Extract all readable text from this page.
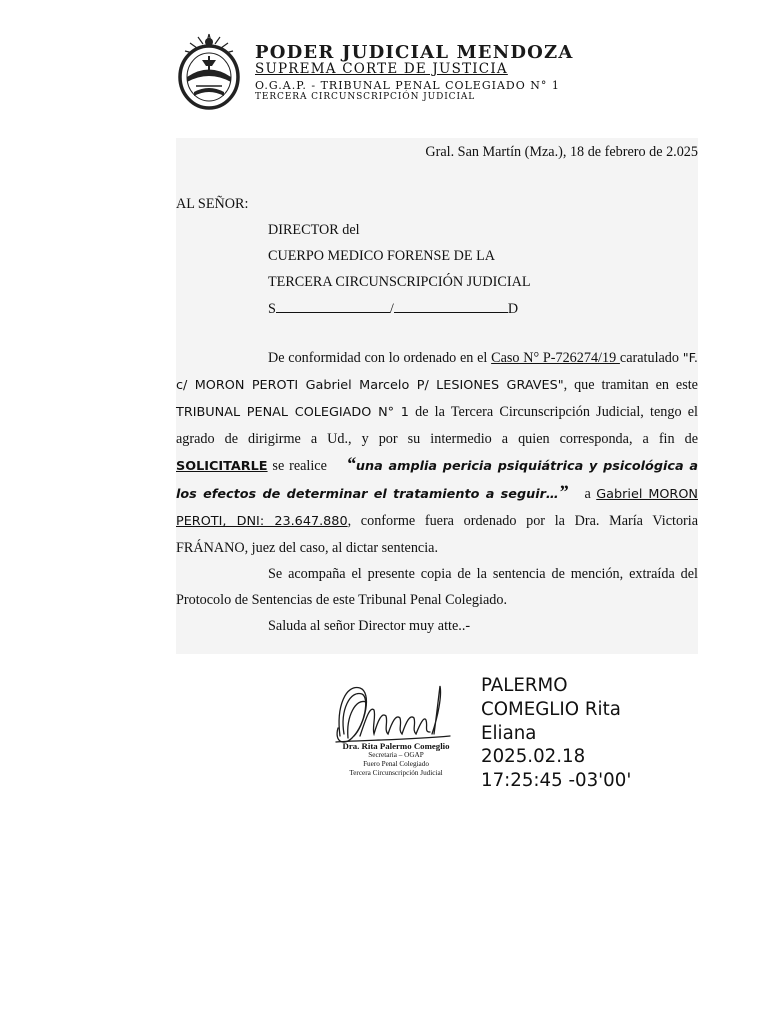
PODER JUDICIAL MENDOZA
SUPREMA CORTE DE JUSTICIA
O.G.A.P. - TRIBUNAL PENAL COLEGIADO N° 1
TERCERA CIRCUNSCRIPCIÓN JUDICIAL
Gral. San Martín (Mza.), 18 de febrero de 2.025
AL SEÑOR:
DIRECTOR del
CUERPO MEDICO FORENSE DE LA
TERCERA CIRCUNSCRIPCIÓN JUDICIAL
S	/	D

De conformidad con lo ordenado en el Caso N° P-726274/19 caratulado "F. c/ MORON PEROTI Gabriel Marcelo P/ LESIONES GRAVES", que tramitan en este TRIBUNAL PENAL COLEGIADO N° 1 de la Tercera Circunscripción Judicial, tengo el agrado de dirigirme a Ud., y por su intermedio a quien corresponda, a fin de SOLICITARLE se realice    “una amplia pericia psiquiátrica y psicológica a los efectos de determinar el tratamiento a seguir…”   a Gabriel MORON PEROTI, DNI: 23.647.880, conforme fuera ordenado por la Dra. María Victoria FRÁNANO, juez del caso, al dictar sentencia.

Se acompaña el presente copia de la sentencia de mención, extraída del Protocolo de Sentencias de este Tribunal Penal Colegiado.

Saluda al señor Director muy atte..-

Dra. Rita Palermo Comeglio
Secretaria – OGAP
Fuero Penal Colegiado
Tercera Circunscripción Judicial
PALERMO
COMEGLIO Rita
Eliana
2025.02.18
17:25:45 -03'00'
